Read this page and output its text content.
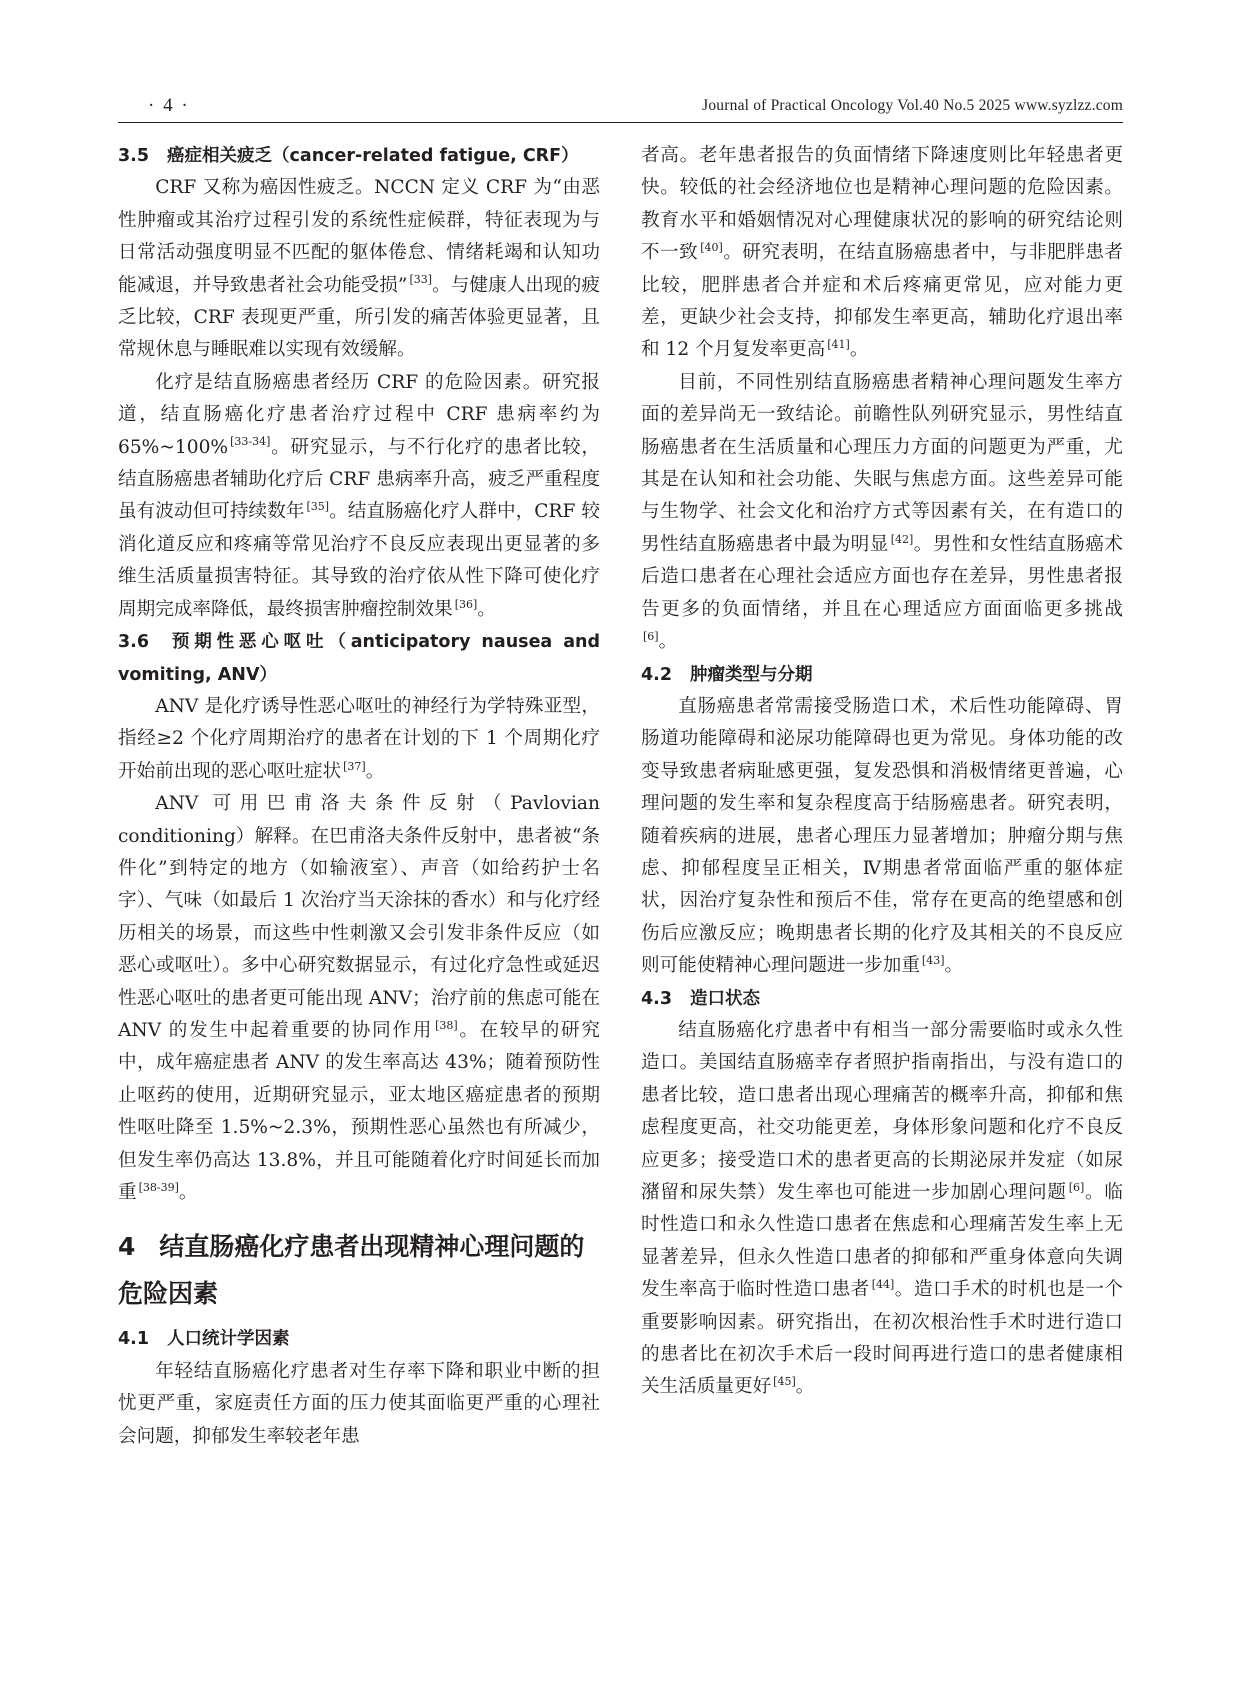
· 4 ·	Journal of Practical Oncology Vol.40 No.5 2025 www.syzlzz.com
3.5 癌症相关疲乏（cancer-related fatigue, CRF）

CRF 又称为癌因性疲乏。NCCN 定义 CRF 为“由恶性肿瘤或其治疗过程引发的系统性症候群，特征表现为与日常活动强度明显不匹配的躯体倦怠、情绪耗竭和认知功能减退，并导致患者社会功能受损” [33]。与健康人出现的疲乏比较，CRF 表现更严重，所引发的痛苦体验更显著，且常规休息与睡眠难以实现有效缓解。

化疗是结直肠癌患者经历 CRF 的危险因素。研究报道，结直肠癌化疗患者治疗过程中 CRF 患病率约为 65%~100% [33-34]。研究显示，与不行化疗的患者比较，结直肠癌患者辅助化疗后 CRF 患病率升高，疲乏严重程度虽有波动但可持续数年 [35]。结直肠癌化疗人群中，CRF 较消化道反应和疼痛等常见治疗不良反应表现出更显著的多维生活质量损害特征。其导致的治疗依从性下降可使化疗周期完成率降低，最终损害肿瘤控制效果 [36]。

3.6 预期性恶心呕吐（anticipatory nausea and vomiting, ANV）

ANV 是化疗诱导性恶心呕吐的神经行为学特殊亚型，指经≥2 个化疗周期治疗的患者在计划的下 1 个周期化疗开始前出现的恶心呕吐症状 [37]。

ANV 可用巴甫洛夫条件反射（Pavlovian conditioning）解释。在巴甫洛夫条件反射中，患者被“条件化”到特定的地方（如输液室）、声音（如给药护士名字）、气味（如最后 1 次治疗当天涂抹的香水）和与化疗经历相关的场景，而这些中性刺激又会引发非条件反应（如恶心或呕吐）。多中心研究数据显示，有过化疗急性或延迟性恶心呕吐的患者更可能出现 ANV；治疗前的焦虑可能在 ANV 的发生中起着重要的协同作用 [38]。在较早的研究中，成年癌症患者 ANV 的发生率高达 43%；随着预防性止呕药的使用，近期研究显示，亚太地区癌症患者的预期性呕吐降至 1.5%~2.3%，预期性恶心虽然也有所减少，但发生率仍高达 13.8%，并且可能随着化疗时间延长而加重 [38-39]。

4 结直肠癌化疗患者出现精神心理问题的危险因素
4.1 人口统计学因素

年轻结直肠癌化疗患者对生存率下降和职业中断的担忧更严重，家庭责任方面的压力使其面临更严重的心理社会问题，抑郁发生率较老年患

者高。老年患者报告的负面情绪下降速度则比年轻患者更快。较低的社会经济地位也是精神心理问题的危险因素。教育水平和婚姻情况对心理健康状况的影响的研究结论则不一致 [40]。研究表明，在结直肠癌患者中，与非肥胖患者比较，肥胖患者合并症和术后疼痛更常见，应对能力更差，更缺少社会支持，抑郁发生率更高，辅助化疗退出率和 12 个月复发率更高 [41]。

目前，不同性别结直肠癌患者精神心理问题发生率方面的差异尚无一致结论。前瞻性队列研究显示，男性结直肠癌患者在生活质量和心理压力方面的问题更为严重，尤其是在认知和社会功能、失眠与焦虑方面。这些差异可能与生物学、社会文化和治疗方式等因素有关，在有造口的男性结直肠癌患者中最为明显 [42]。男性和女性结直肠癌术后造口患者在心理社会适应方面也存在差异，男性患者报告更多的负面情绪，并且在心理适应方面面临更多挑战[6]。

4.2 肿瘤类型与分期

直肠癌患者常需接受肠造口术，术后性功能障碍、胃肠道功能障碍和泌尿功能障碍也更为常见。身体功能的改变导致患者病耻感更强，复发恐惧和消极情绪更普遍，心理问题的发生率和复杂程度高于结肠癌患者。研究表明，随着疾病的进展，患者心理压力显著增加；肿瘤分期与焦虑、抑郁程度呈正相关，Ⅳ期患者常面临严重的躯体症状，因治疗复杂性和预后不佳，常存在更高的绝望感和创伤后应激反应；晚期患者长期的化疗及其相关的不良反应则可能使精神心理问题进一步加重 [43]。

4.3 造口状态

结直肠癌化疗患者中有相当一部分需要临时或永久性造口。美国结直肠癌幸存者照护指南指出，与没有造口的患者比较，造口患者出现心理痛苦的概率升高，抑郁和焦虑程度更高，社交功能更差，身体形象问题和化疗不良反应更多；接受造口术的患者更高的长期泌尿并发症（如尿潴留和尿失禁）发生率也可能进一步加剧心理问题 [6]。临时性造口和永久性造口患者在焦虑和心理痛苦发生率上无显著差异，但永久性造口患者的抑郁和严重身体意向失调发生率高于临时性造口患者 [44]。造口手术的时机也是一个重要影响因素。研究指出，在初次根治性手术时进行造口的患者比在初次手术后一段时间再进行造口的患者健康相关生活质量更好 [45]。
